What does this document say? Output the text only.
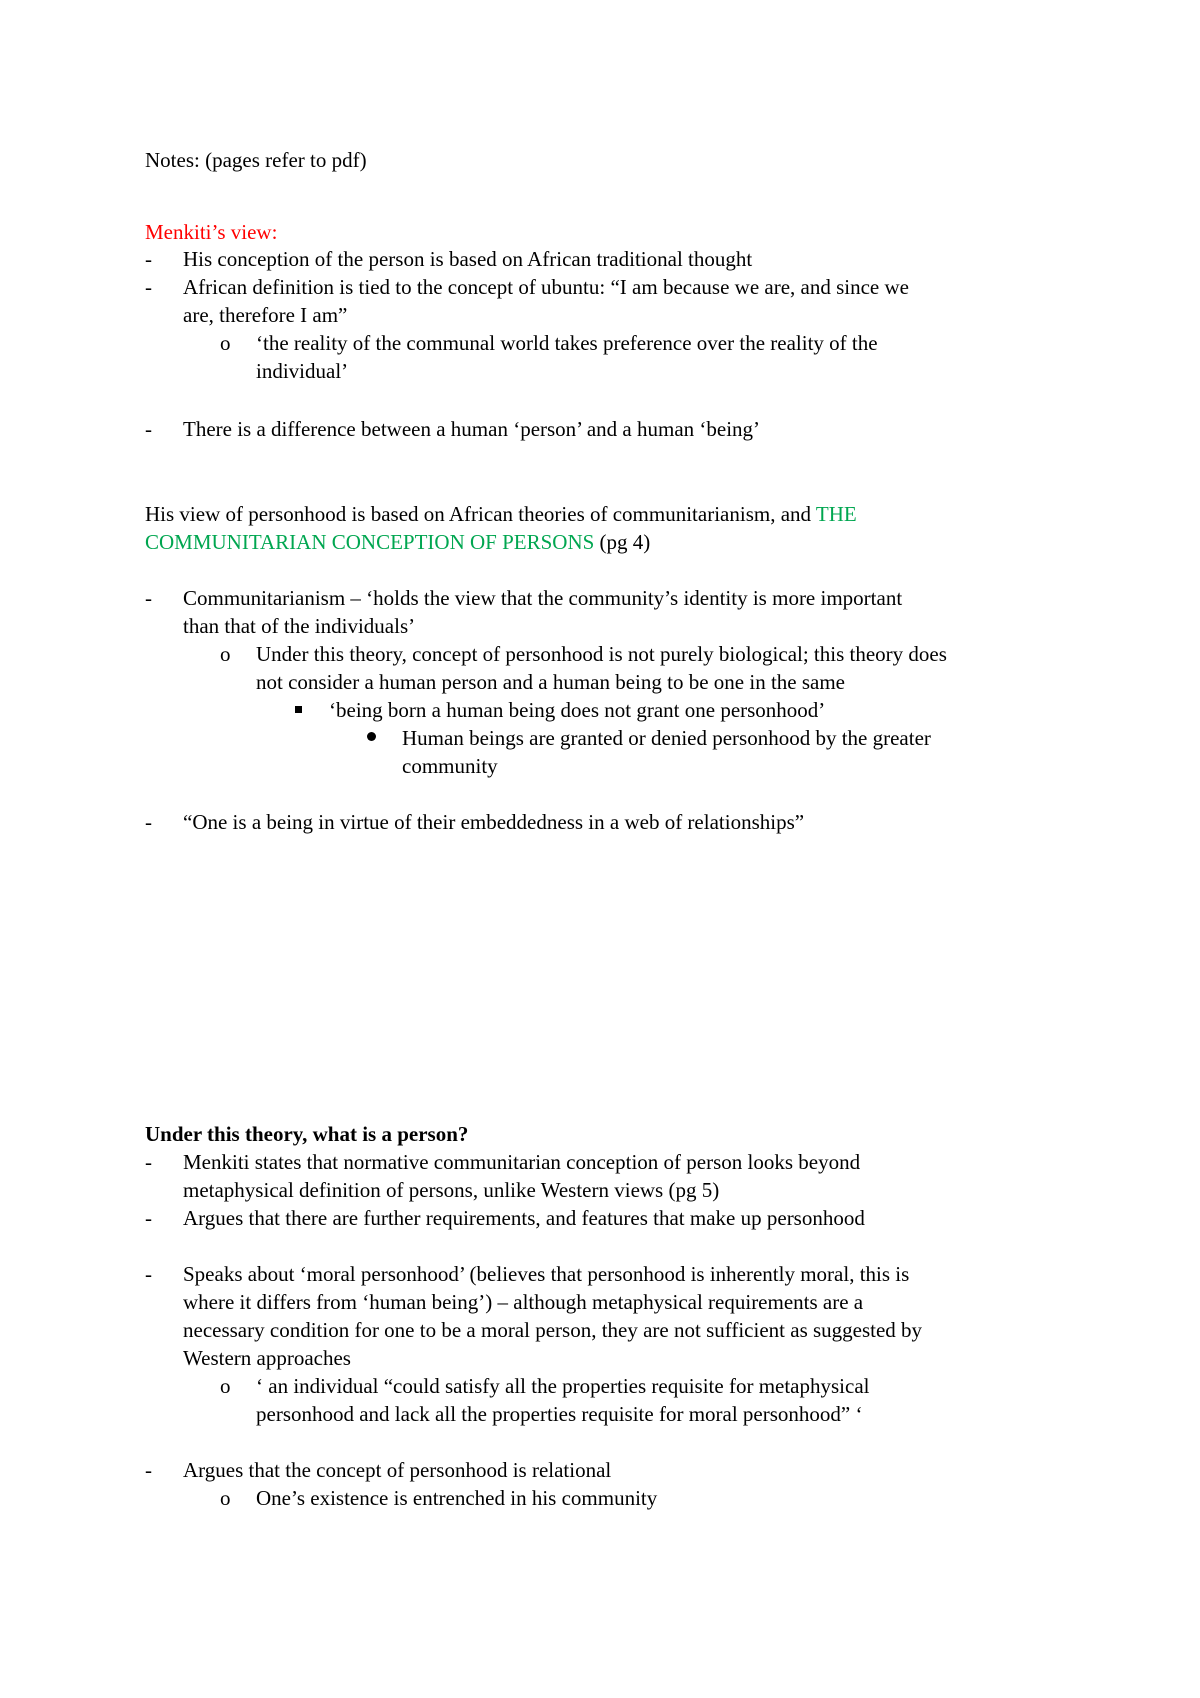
Notes: (pages refer to pdf)
Menkiti’s view:
-	His conception of the person is based on African traditional thought
-	African definition is tied to the concept of ubuntu: “I am because we are, and since we
are, therefore I am”
o ‘the reality of the communal world takes preference over the reality of the
individual’
-	There is a difference between a human ‘person’ and a human ‘being’
His view of personhood is based on African theories of communitarianism, and THE
COMMUNITARIAN CONCEPTION OF PERSONS (pg 4)
-	Communitarianism – ‘holds the view that the community’s identity is more important
than that of the individuals’
o Under this theory, concept of personhood is not purely biological; this theory does
not consider a human person and a human being to be one in the same
‘being born a human being does not grant one personhood’
Human beings are granted or denied personhood by the greater
community
-	“One is a being in virtue of their embeddedness in a web of relationships”
Under this theory, what is a person?
-	Menkiti states that normative communitarian conception of person looks beyond
metaphysical definition of persons, unlike Western views (pg 5)
-	Argues that there are further requirements, and features that make up personhood
-	Speaks about ‘moral personhood’ (believes that personhood is inherently moral, this is
where it differs from ‘human being’) – although metaphysical requirements are a
necessary condition for one to be a moral person, they are not sufficient as suggested by
Western approaches
o ‘ an individual “could satisfy all the properties requisite for metaphysical
personhood and lack all the properties requisite for moral personhood” ‘
-	Argues that the concept of personhood is relational
o One’s existence is entrenched in his community
